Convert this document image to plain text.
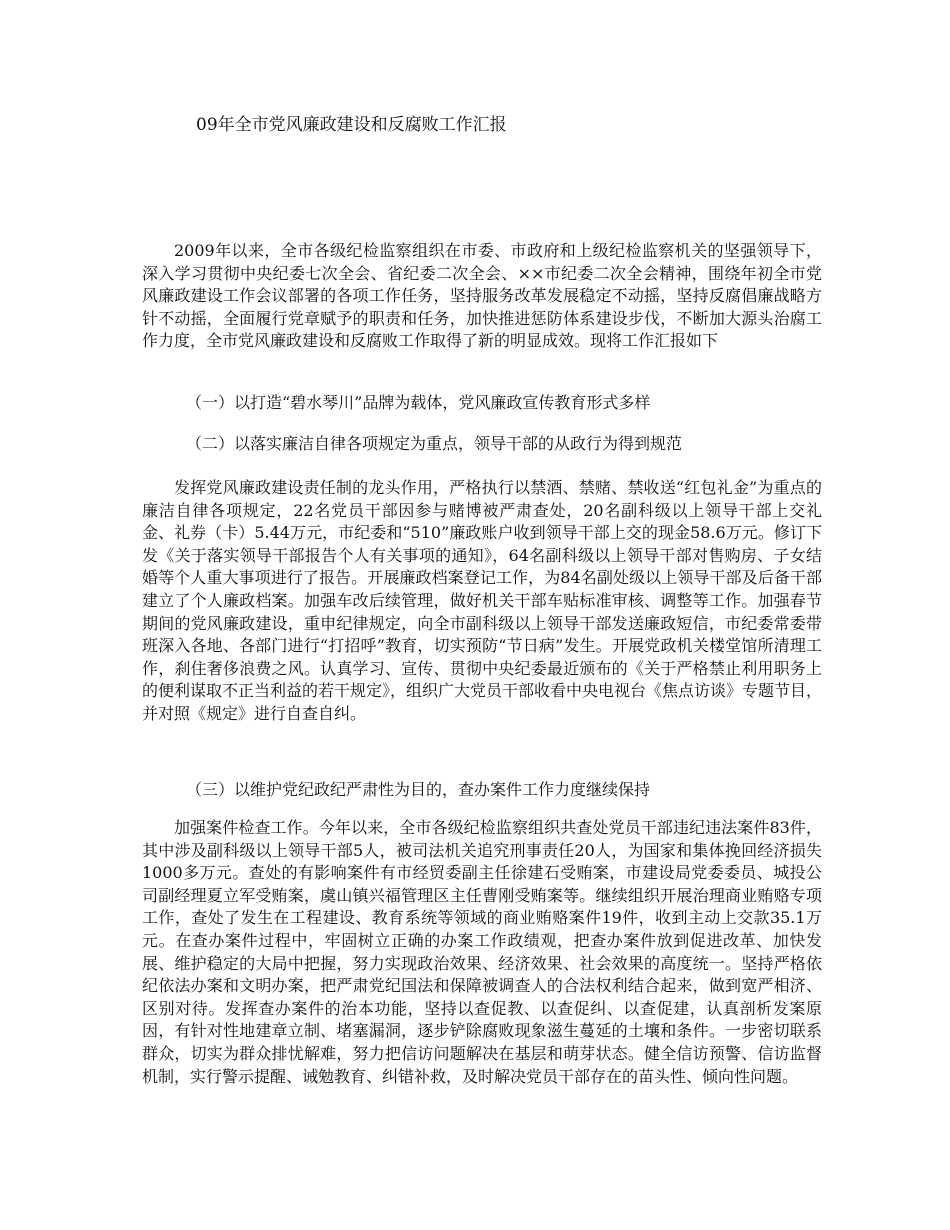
09年全市党风廉政建设和反腐败工作汇报

2009年以来，全市各级纪检监察组织在市委、市政府和上级纪检监察机关的坚强领导下，深入学习贯彻中央纪委七次全会、省纪委二次全会、××市纪委二次全会精神，围绕年初全市党风廉政建设工作会议部署的各项工作任务，坚持服务改革发展稳定不动摇，坚持反腐倡廉战略方针不动摇，全面履行党章赋予的职责和任务，加快推进惩防体系建设步伐，不断加大源头治腐工作力度，全市党风廉政建设和反腐败工作取得了新的明显成效。现将工作汇报如下

（一）以打造“碧水琴川”品牌为载体，党风廉政宣传教育形式多样
（二）以落实廉洁自律各项规定为重点，领导干部的从政行为得到规范

发挥党风廉政建设责任制的龙头作用，严格执行以禁酒、禁赌、禁收送“红包礼金”为重点的廉洁自律各项规定，22名党员干部因参与赌博被严肃查处，20名副科级以上领导干部上交礼金、礼券（卡）5.44万元，市纪委和“510”廉政账户收到领导干部上交的现金58.6万元。修订下发《关于落实领导干部报告个人有关事项的通知》，64名副科级以上领导干部对售购房、子女结婚等个人重大事项进行了报告。开展廉政档案登记工作，为84名副处级以上领导干部及后备干部建立了个人廉政档案。加强车改后续管理，做好机关干部车贴标准审核、调整等工作。加强春节期间的党风廉政建设，重申纪律规定，向全市副科级以上领导干部发送廉政短信，市纪委常委带班深入各地、各部门进行“打招呼”教育，切实预防“节日病”发生。开展党政机关楼堂馆所清理工作，刹住奢侈浪费之风。认真学习、宣传、贯彻中央纪委最近颁布的《关于严格禁止利用职务上的便利谋取不正当利益的若干规定》，组织广大党员干部收看中央电视台《焦点访谈》专题节目，并对照《规定》进行自查自纠。

（三）以维护党纪政纪严肃性为目的，查办案件工作力度继续保持

加强案件检查工作。今年以来，全市各级纪检监察组织共查处党员干部违纪违法案件83件，其中涉及副科级以上领导干部5人，被司法机关追究刑事责任20人，为国家和集体挽回经济损失1000多万元。查处的有影响案件有市经贸委副主任徐建石受贿案，市建设局党委委员、城投公司副经理夏立军受贿案，虞山镇兴福管理区主任曹刚受贿案等。继续组织开展治理商业贿赂专项工作，查处了发生在工程建设、教育系统等领域的商业贿赂案件19件，收到主动上交款35.1万元。在查办案件过程中，牢固树立正确的办案工作政绩观，把查办案件放到促进改革、加快发展、维护稳定的大局中把握，努力实现政治效果、经济效果、社会效果的高度统一。坚持严格依纪依法办案和文明办案，把严肃党纪国法和保障被调查人的合法权利结合起来，做到宽严相济、区别对待。发挥查办案件的治本功能，坚持以查促教、以查促纠、以查促建，认真剖析发案原因，有针对性地建章立制、堵塞漏洞，逐步铲除腐败现象滋生蔓延的土壤和条件。一步密切联系群众，切实为群众排忧解难，努力把信访问题解决在基层和萌芽状态。健全信访预警、信访监督机制，实行警示提醒、诫勉教育、纠错补救，及时解决党员干部存在的苗头性、倾向性问题。
